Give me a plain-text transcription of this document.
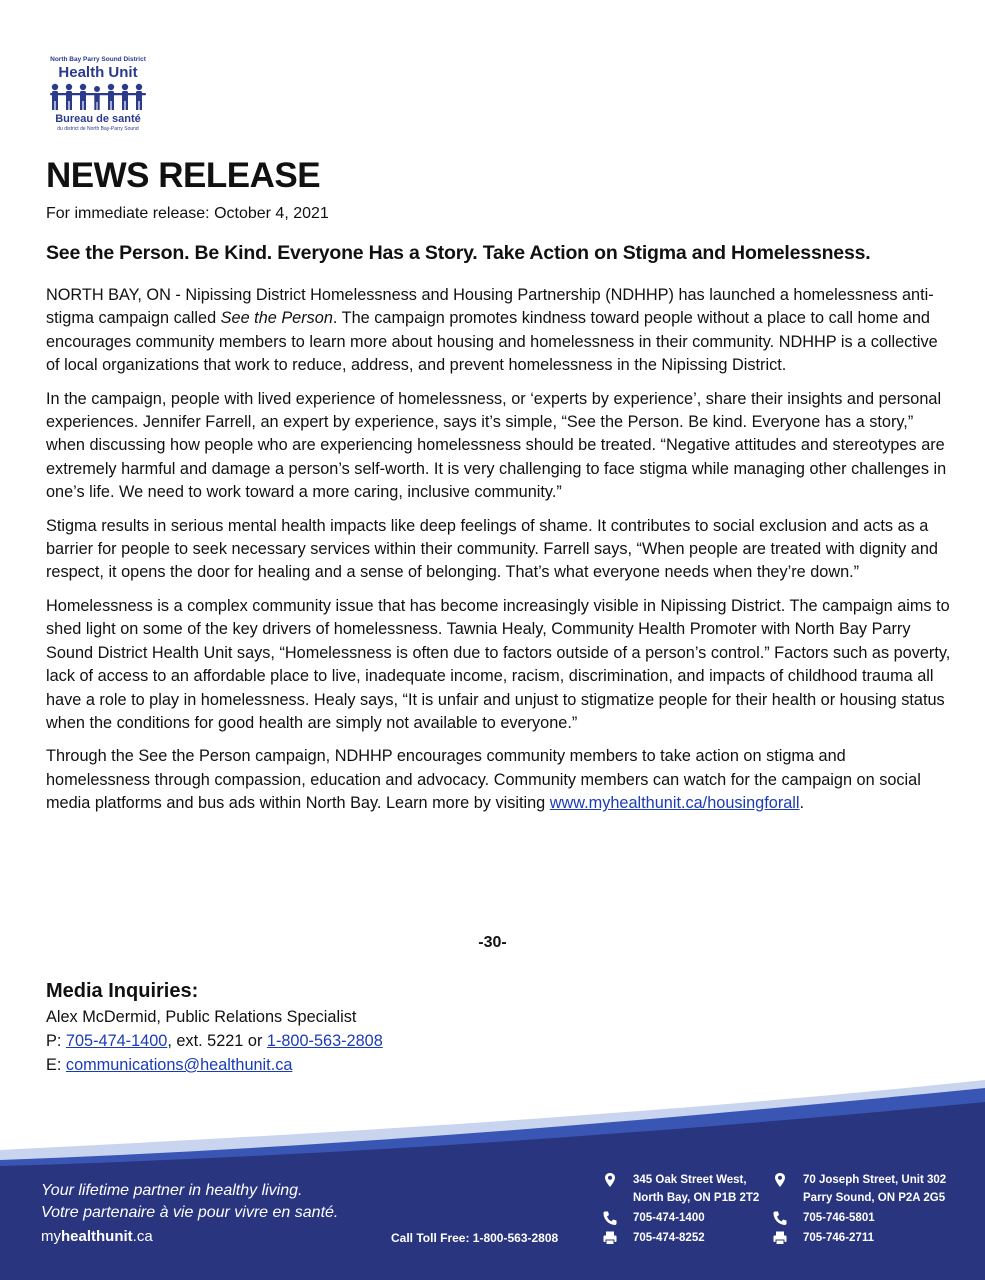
North Bay Parry Sound District
Health Unit
Bureau de santé
du district de North Bay-Parry Sound
NEWS RELEASE
For immediate release: October 4, 2021
See the Person. Be Kind. Everyone Has a Story. Take Action on Stigma and Homelessness.

NORTH BAY, ON - Nipissing District Homelessness and Housing Partnership (NDHHP) has launched a homelessness anti-stigma campaign called See the Person. The campaign promotes kindness toward people without a place to call home and encourages community members to learn more about housing and homelessness in their community. NDHHP is a collective of local organizations that work to reduce, address, and prevent homelessness in the Nipissing District.

In the campaign, people with lived experience of homelessness, or ‘experts by experience’, share their insights and personal experiences. Jennifer Farrell, an expert by experience, says it’s simple, “See the Person. Be kind. Everyone has a story,” when discussing how people who are experiencing homelessness should be treated. “Negative attitudes and stereotypes are extremely harmful and damage a person’s self-worth. It is very challenging to face stigma while managing other challenges in one’s life. We need to work toward a more caring, inclusive community.”

Stigma results in serious mental health impacts like deep feelings of shame. It contributes to social exclusion and acts as a barrier for people to seek necessary services within their community. Farrell says, “When people are treated with dignity and respect, it opens the door for healing and a sense of belonging. That’s what everyone needs when they’re down.”

Homelessness is a complex community issue that has become increasingly visible in Nipissing District. The campaign aims to shed light on some of the key drivers of homelessness. Tawnia Healy, Community Health Promoter with North Bay Parry Sound District Health Unit says, “Homelessness is often due to factors outside of a person’s control.” Factors such as poverty, lack of access to an affordable place to live, inadequate income, racism, discrimination, and impacts of childhood trauma all have a role to play in homelessness. Healy says, “It is unfair and unjust to stigmatize people for their health or housing status when the conditions for good health are simply not available to everyone.”

Through the See the Person campaign, NDHHP encourages community members to take action on stigma and homelessness through compassion, education and advocacy. Community members can watch for the campaign on social media platforms and bus ads within North Bay. Learn more by visiting www.myhealthunit.ca/housingforall.

-30-
Media Inquiries:
Alex McDermid, Public Relations Specialist
P: 705-474-1400, ext. 5221 or 1-800-563-2808
E: communications@healthunit.ca
Your lifetime partner in healthy living.
Votre partenaire à vie pour vivre en santé.
myhealthunit.ca	Call Toll Free: 1-800-563-2808
345 Oak Street West,
North Bay, ON P1B 2T2
705-474-1400
705-474-8252
70 Joseph Street, Unit 302
Parry Sound, ON P2A 2G5
705-746-5801
705-746-2711
